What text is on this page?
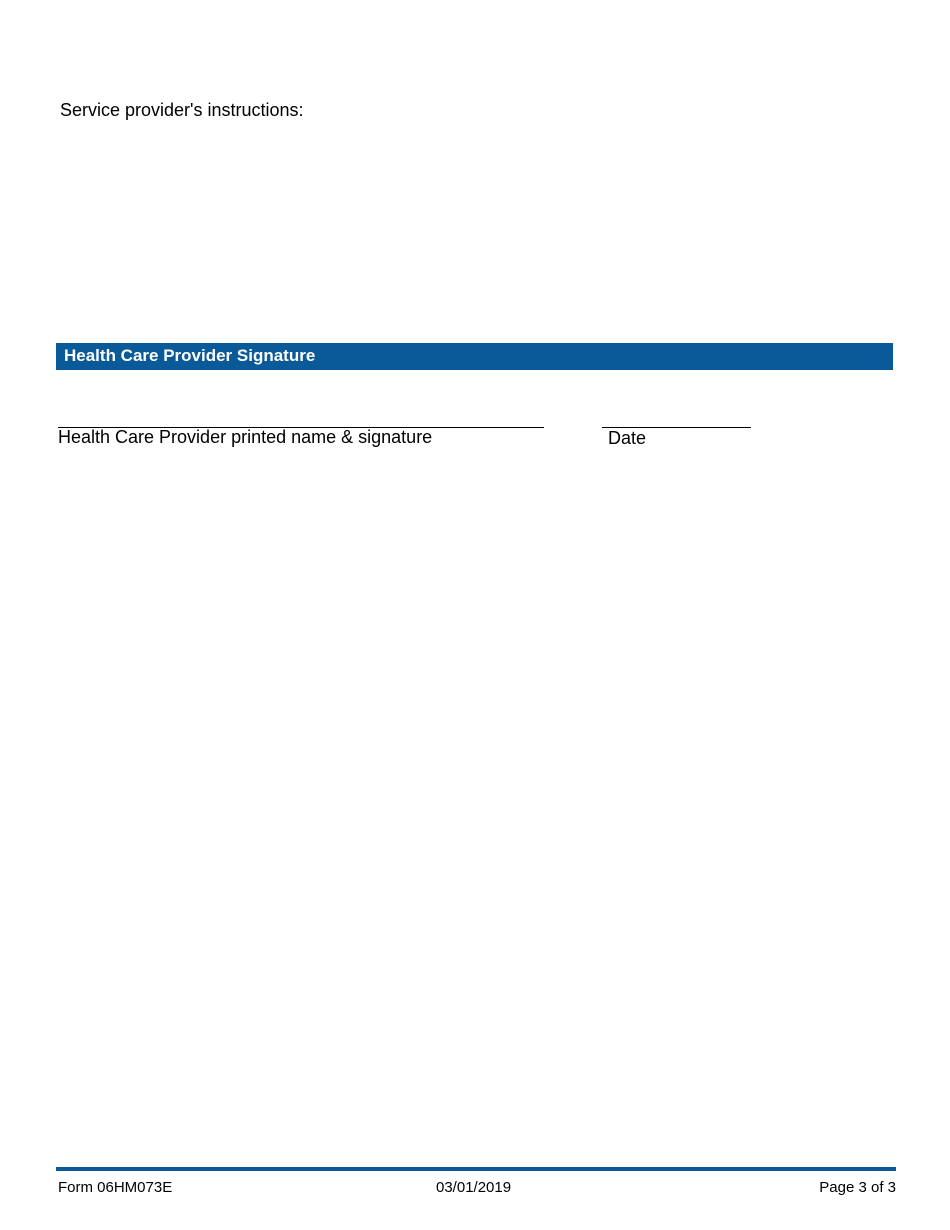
Service provider's instructions:
Health Care Provider Signature
Health Care Provider printed name & signature	Date
Form 06HM073E	03/01/2019	Page 3 of 3
